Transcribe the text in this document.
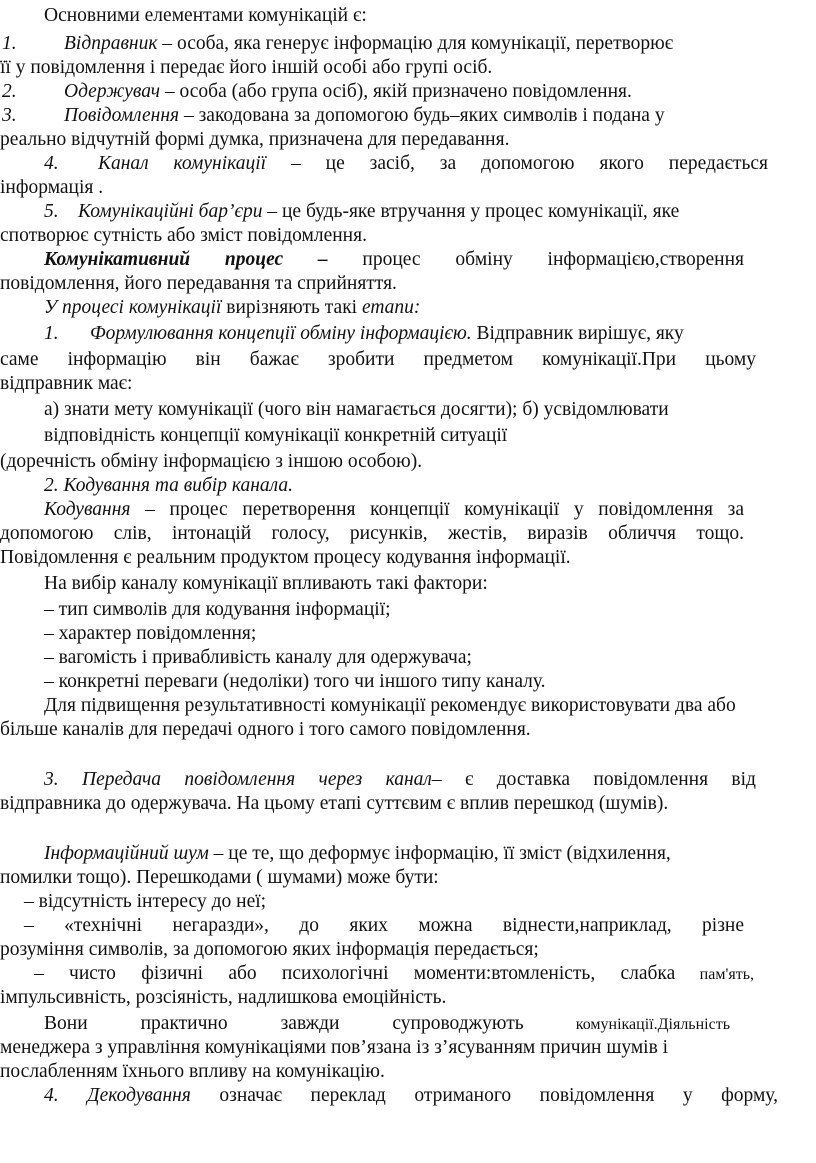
Основними елементами комунікацій є:
1. Відправник – особа, яка генерує інформацію для комунікації, перетворює
її у повідомлення і передає його іншій особі або групі осіб.
2. Одержувач – особа (або група осіб), якій призначено повідомлення.
3. Повідомлення – закодована за допомогою будь–яких символів і подана у
реально відчутній формі думка, призначена для передавання.
4. Канал комунікації – це засіб, за допомогою якого передається
інформація .
5. Комунікаційні бар’єри – це будь-яке втручання у процес комунікації, яке
спотворює сутність або зміст повідомлення.
Комунікативний процес – процес обміну інформацією,створення
повідомлення, його передавання та сприйняття.
У процесі комунікації вирізняють такі етапи:
1. Формулювання концепції обміну інформацією. Відправник вирішує, яку
саме інформацію він бажає зробити предметом комунікації.При цьому
відправник має:
а) знати мету комунікації (чого він намагається досягти); б) усвідомлювати
відповідність концепції комунікації конкретній ситуації
(доречність обміну інформацією з іншою особою).
2. Кодування та вибір канала.
Кодування – процес перетворення концепції комунікації у повідомлення за
допомогою слів, інтонацій голосу, рисунків, жестів, виразів обличчя тощо.
Повідомлення є реальним продуктом процесу кодування інформації.
На вибір каналу комунікації впливають такі фактори:
– тип символів для кодування інформації;
– характер повідомлення;
– вагомість і привабливість каналу для одержувача;
– конкретні переваги (недоліки) того чи іншого типу каналу.
Для підвищення результативності комунікації рекомендує використовувати два або
більше каналів для передачі одного і того самого повідомлення.
3. Передача повідомлення через канал– є доставка повідомлення від
відправника до одержувача. На цьому етапі суттєвим є вплив перешкод (шумів).
Інформаційний шум – це те, що деформує інформацію, її зміст (відхилення,
помилки тощо). Перешкодами ( шумами) може бути:
– відсутність інтересу до неї;
– «технічні негаразди», до яких можна віднести,наприклад, різне
розуміння символів, за допомогою яких інформація передається;
– чисто фізичні або психологічні моменти:втомленість, слабка пам'ять,
імпульсивність, розсіяність, надлишкова емоційність.
Вони практично завжди супроводжують комунікації.Діяльність
менеджера з управління комунікаціями пов’язана із з’ясуванням причин шумів і
послабленням їхнього впливу на комунікацію.
4. Декодування означає переклад отриманого повідомлення у форму,
